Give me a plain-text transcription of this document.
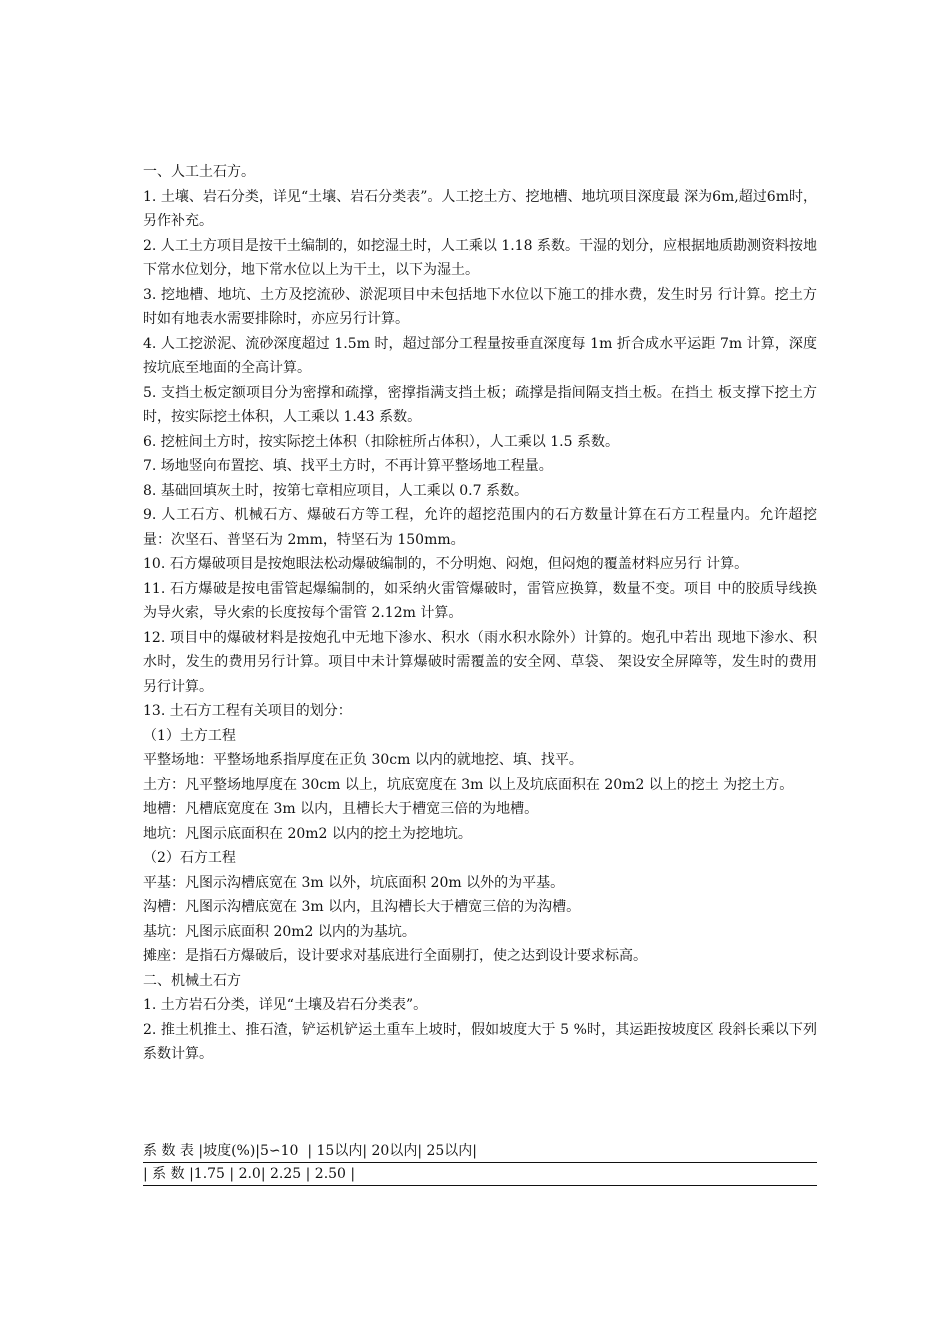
一、人工土石方。

1. 土壤、岩石分类，详见“土壤、岩石分类表”。人工挖土方、挖地槽、地坑项目深度最 深为6m,超过6m时，另作补充。

2. 人工土方项目是按干土编制的，如挖湿土时，人工乘以 1.18 系数。干湿的划分，应根据地质勘测资料按地下常水位划分，地下常水位以上为干土，以下为湿土。

3. 挖地槽、地坑、土方及挖流砂、淤泥项目中未包括地下水位以下施工的排水费，发生时另 行计算。挖土方时如有地表水需要排除时，亦应另行计算。

4. 人工挖淤泥、流砂深度超过 1.5m 时，超过部分工程量按垂直深度每 1m 折合成水平运距 7m 计算，深度按坑底至地面的全高计算。

5. 支挡土板定额项目分为密撑和疏撑，密撑指满支挡土板；疏撑是指间隔支挡土板。在挡土 板支撑下挖土方时，按实际挖土体积，人工乘以 1.43 系数。

6. 挖桩间土方时，按实际挖土体积（扣除桩所占体积），人工乘以 1.5 系数。

7. 场地竖向布置挖、填、找平土方时，不再计算平整场地工程量。

8. 基础回填灰土时，按第七章相应项目，人工乘以 0.7 系数。

9. 人工石方、机械石方、爆破石方等工程，允许的超挖范围内的石方数量计算在石方工程量内。允许超挖量：次坚石、普坚石为 2mm，特坚石为 150mm。

10. 石方爆破项目是按炮眼法松动爆破编制的，不分明炮、闷炮，但闷炮的覆盖材料应另行 计算。

11. 石方爆破是按电雷管起爆编制的，如采纳火雷管爆破时，雷管应换算，数量不变。项目 中的胶质导线换为导火索，导火索的长度按每个雷管 2.12m 计算。

12. 项目中的爆破材料是按炮孔中无地下渗水、积水（雨水积水除外）计算的。炮孔中若出 现地下渗水、积水时，发生的费用另行计算。项目中未计算爆破时需覆盖的安全网、草袋、 架设安全屏障等，发生时的费用另行计算。

13. 土石方工程有关项目的划分：

（1）土方工程

平整场地：平整场地系指厚度在正负 30cm 以内的就地挖、填、找平。

土方：凡平整场地厚度在 30cm 以上，坑底宽度在 3m 以上及坑底面积在 20m2 以上的挖土 为挖土方。

地槽：凡槽底宽度在 3m 以内，且槽长大于槽宽三倍的为地槽。

地坑：凡图示底面积在 20m2 以内的挖土为挖地坑。

（2）石方工程

平基：凡图示沟槽底宽在 3m 以外，坑底面积 20m 以外的为平基。

沟槽：凡图示沟槽底宽在 3m 以内，且沟槽长大于槽宽三倍的为沟槽。

基坑：凡图示底面积 20m2 以内的为基坑。

摊座：是指石方爆破后，设计要求对基底进行全面剔打，使之达到设计要求标高。

二、机械土石方

1. 土方岩石分类，详见“土壤及岩石分类表”。

2. 推土机推土、推石渣，铲运机铲运土重车上坡时，假如坡度大于 5 %时，其运距按坡度区 段斜长乘以下列系数计算。

系 数 表 |坡度(%)|5∽10  | 15以内| 20以内| 25以内|
| 系 数 |1.75 | 2.0| 2.25 | 2.50 |
